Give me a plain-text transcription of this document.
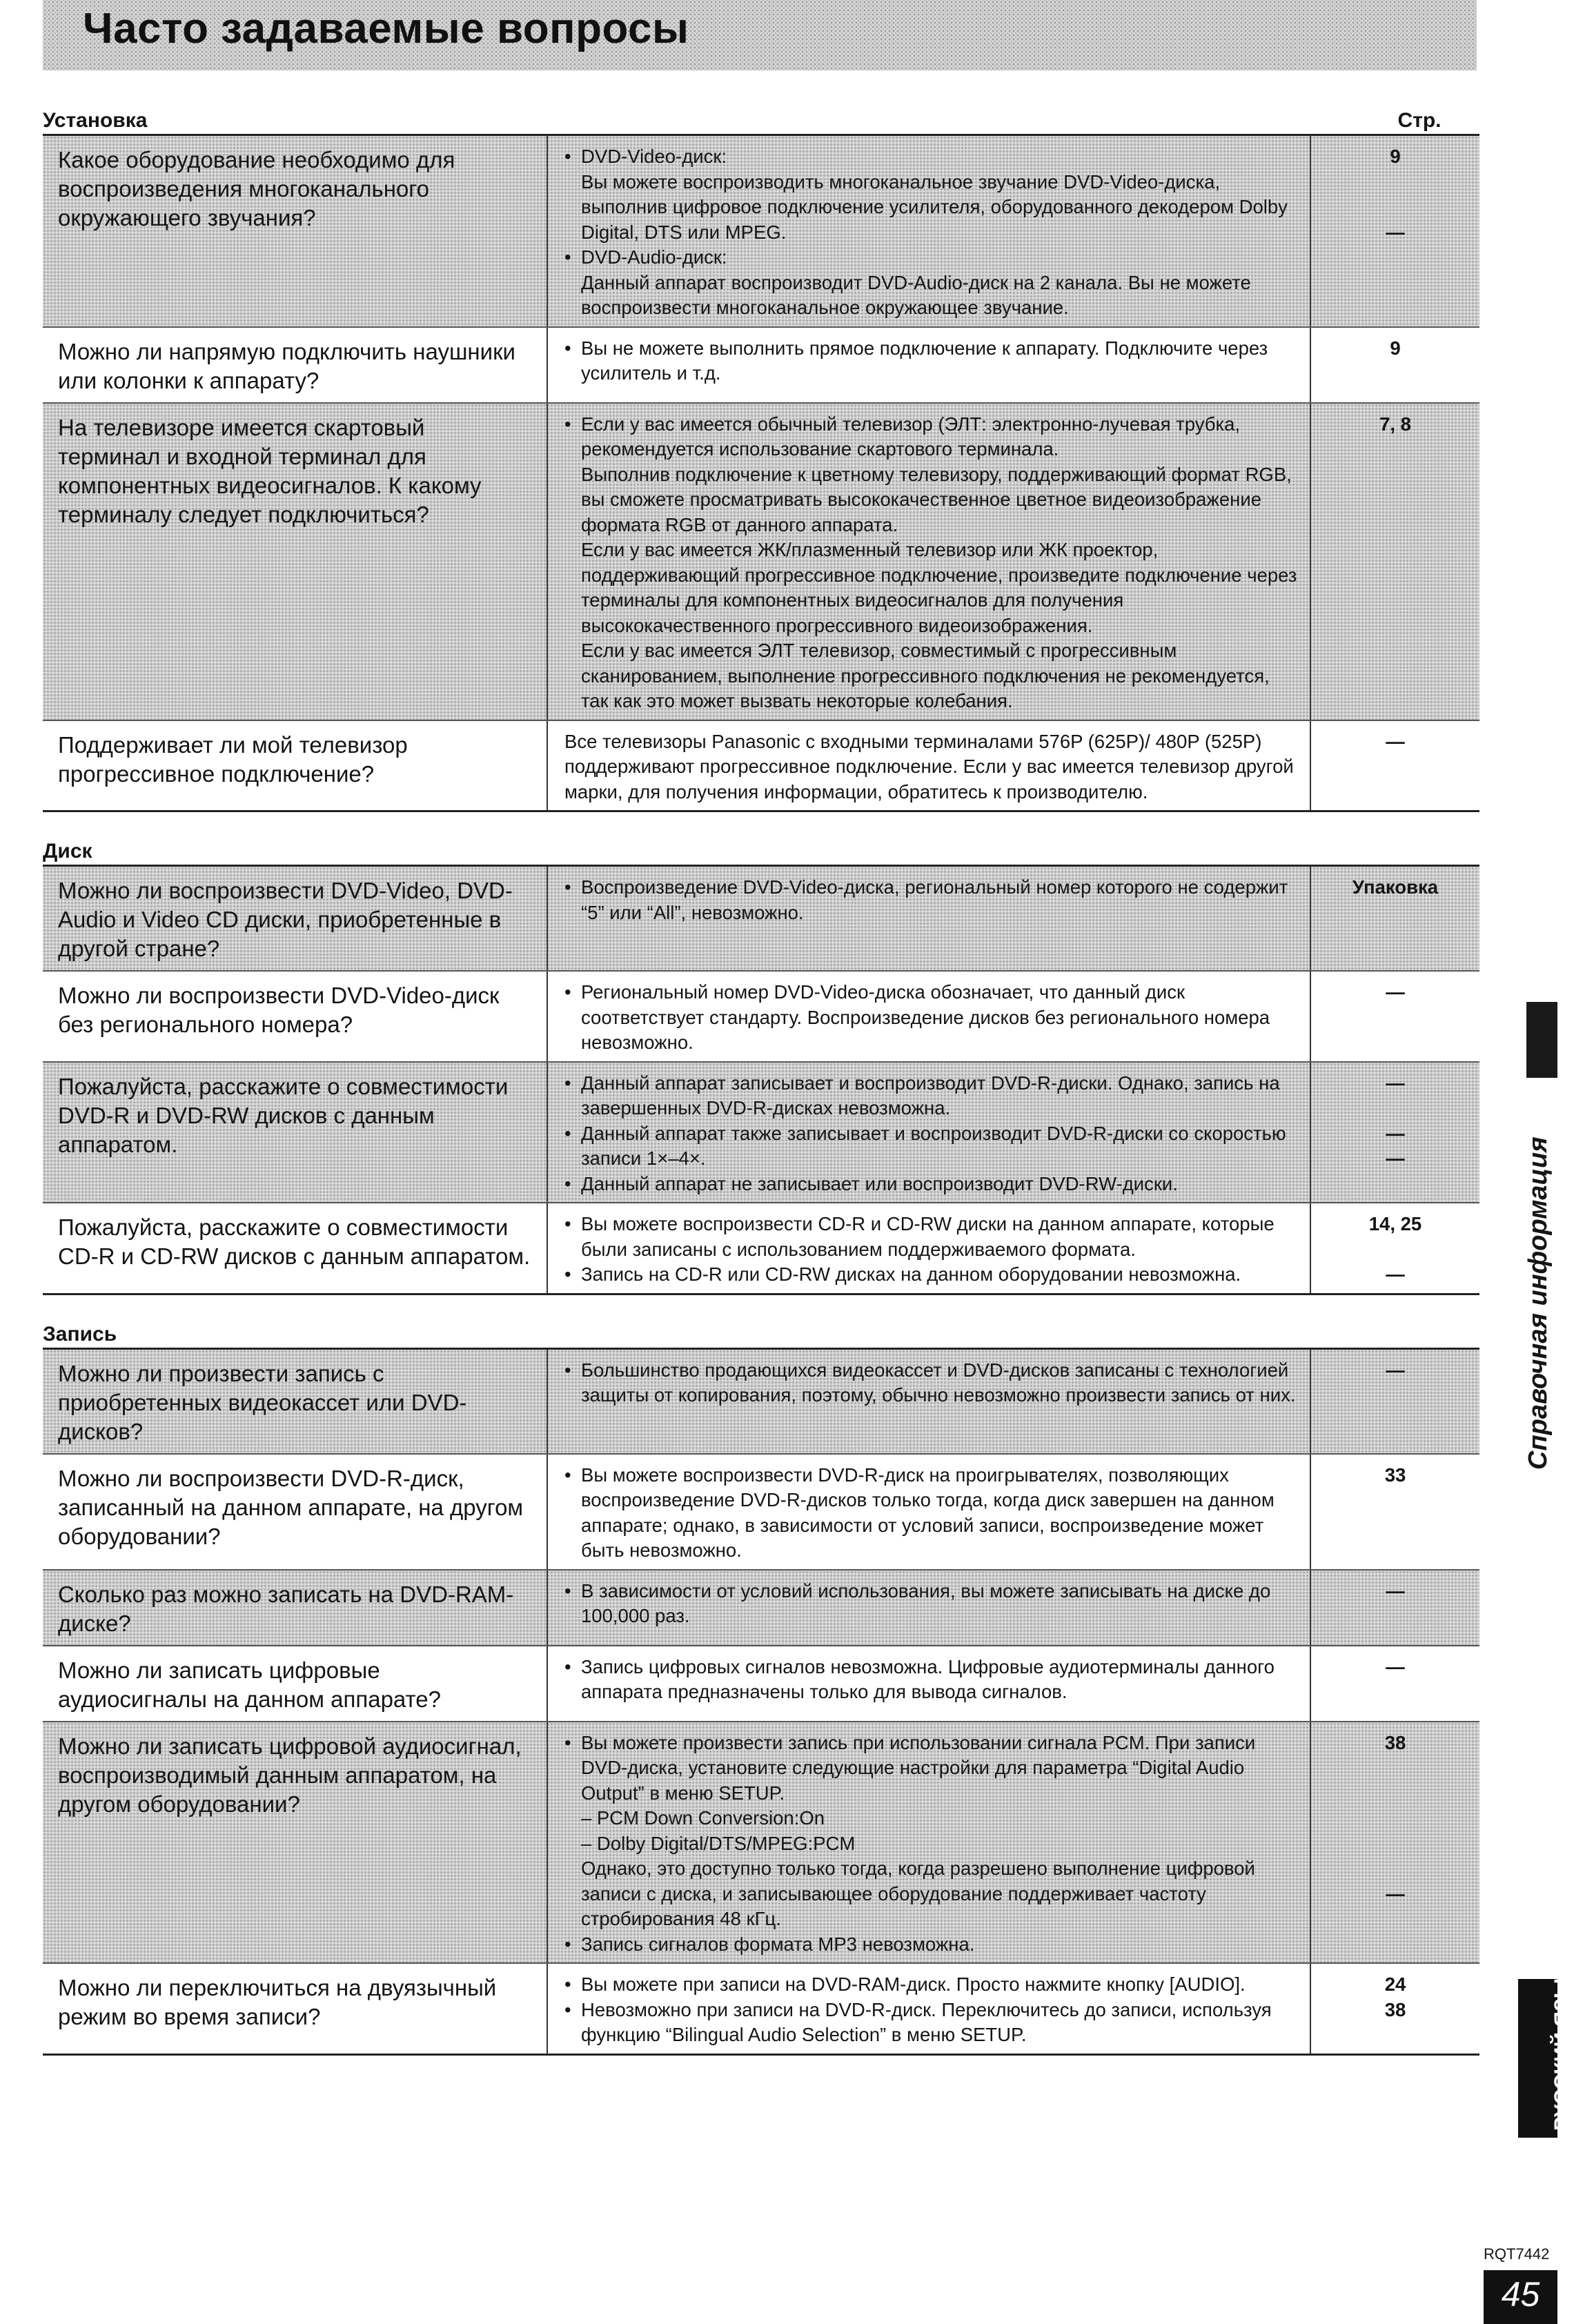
Часто задаваемые вопросы
Установка	Стр.
Какое оборудование необходимо для воспроизведения многоканального окружающего звучания?
• DVD-Video-диск:
Вы можете воспроизводить многоканальное звучание DVD-Video-диска, выполнив цифровое подключение усилителя, оборудованного декодером Dolby Digital, DTS или MPEG.
• DVD-Audio-диск:
Данный аппарат воспроизводит DVD-Audio-диск на 2 канала. Вы не можете воспроизвести многоканальное окружающее звучание.
9
—
Можно ли напрямую подключить наушники или колонки к аппарату?
• Вы не можете выполнить прямое подключение к аппарату. Подключите через усилитель и т.д.
9
На телевизоре имеется скартовый терминал и входной терминал для компонентных видеосигналов. К какому терминалу следует подключиться?
• Если у вас имеется обычный телевизор (ЭЛТ: электронно-лучевая трубка, рекомендуется использование скартового терминала.
Выполнив подключение к цветному телевизору, поддерживающий формат RGB, вы сможете просматривать высококачественное цветное видеоизображение формата RGB от данного аппарата.
Если у вас имеется ЖК/плазменный телевизор или ЖК проектор, поддерживающий прогрессивное подключение, произведите подключение через терминалы для компонентных видеосигналов для получения высококачественного прогрессивного видеоизображения.
Если у вас имеется ЭЛТ телевизор, совместимый с прогрессивным сканированием, выполнение прогрессивного подключения не рекомендуется, так как это может вызвать некоторые колебания.
7, 8
Поддерживает ли мой телевизор прогрессивное подключение?
Все телевизоры Panasonic с входными терминалами 576P (625P)/ 480P (525P) поддерживают прогрессивное подключение. Если у вас имеется телевизор другой марки, для получения информации, обратитесь к производителю.
—
Диск
Можно ли воспроизвести DVD-Video, DVD-Audio и Video CD диски, приобретенные в другой стране?
• Воспроизведение DVD-Video-диска, региональный номер которого не содержит “5” или “All”, невозможно.
Упаковка
Можно ли воспроизвести DVD-Video-диск без регионального номера?
• Региональный номер DVD-Video-диска обозначает, что данный диск соответствует стандарту. Воспроизведение дисков без регионального номера невозможно.
—
Пожалуйста, расскажите о совместимости DVD-R и DVD-RW дисков с данным аппаратом.
• Данный аппарат записывает и воспроизводит DVD-R-диски. Однако, запись на завершенных DVD-R-дисках невозможна.
• Данный аппарат также записывает и воспроизводит DVD-R-диски со скоростью записи 1×–4×.
• Данный аппарат не записывает или воспроизводит DVD-RW-диски.
—
—
—
Пожалуйста, расскажите о совместимости CD-R и CD-RW дисков с данным аппаратом.
• Вы можете воспроизвести CD-R и CD-RW диски на данном аппарате, которые были записаны с использованием поддерживаемого формата.
• Запись на CD-R или CD-RW дисках на данном оборудовании невозможна.
14, 25
—
Запись
Можно ли произвести запись с приобретенных видеокассет или DVD-дисков?
• Большинство продающихся видеокассет и DVD-дисков записаны с технологией защиты от копирования, поэтому, обычно невозможно произвести запись от них.
—
Можно ли воспроизвести DVD-R-диск, записанный на данном аппарате, на другом оборудовании?
• Вы можете воспроизвести DVD-R-диск на проигрывателях, позволяющих воспроизведение DVD-R-дисков только тогда, когда диск завершен на данном аппарате; однако, в зависимости от условий записи, воспроизведение может быть невозможно.
33
Сколько раз можно записать на DVD-RAM-диске?
• В зависимости от условий использования, вы можете записывать на диске до 100,000 раз.
—
Можно ли записать цифровые аудиосигналы на данном аппарате?
• Запись цифровых сигналов невозможна. Цифровые аудиотерминалы данного аппарата предназначены только для вывода сигналов.
—
Можно ли записать цифровой аудиосигнал, воспроизводимый данным аппаратом, на другом оборудовании?
• Вы можете произвести запись при использовании сигнала PCM. При записи DVD-диска, установите следующие настройки для параметра “Digital Audio Output” в меню SETUP.
– PCM Down Conversion:On
– Dolby Digital/DTS/MPEG:PCM
Однако, это доступно только тогда, когда разрешено выполнение цифровой записи с диска, и записывающее оборудование поддерживает частоту стробирования 48 кГц.
• Запись сигналов формата MP3 невозможна.
38
—
Можно ли переключиться на двуязычный режим во время записи?
• Вы можете при записи на DVD-RAM-диск. Просто нажмите кнопку [AUDIO].
• Невозможно при записи на DVD-R-диск. Переключитесь до записи, используя функцию “Bilingual Audio Selection” в меню SETUP.
24
38
Справочная информация
РУССКИЙ ЯЗЫК
RQT7442
45
